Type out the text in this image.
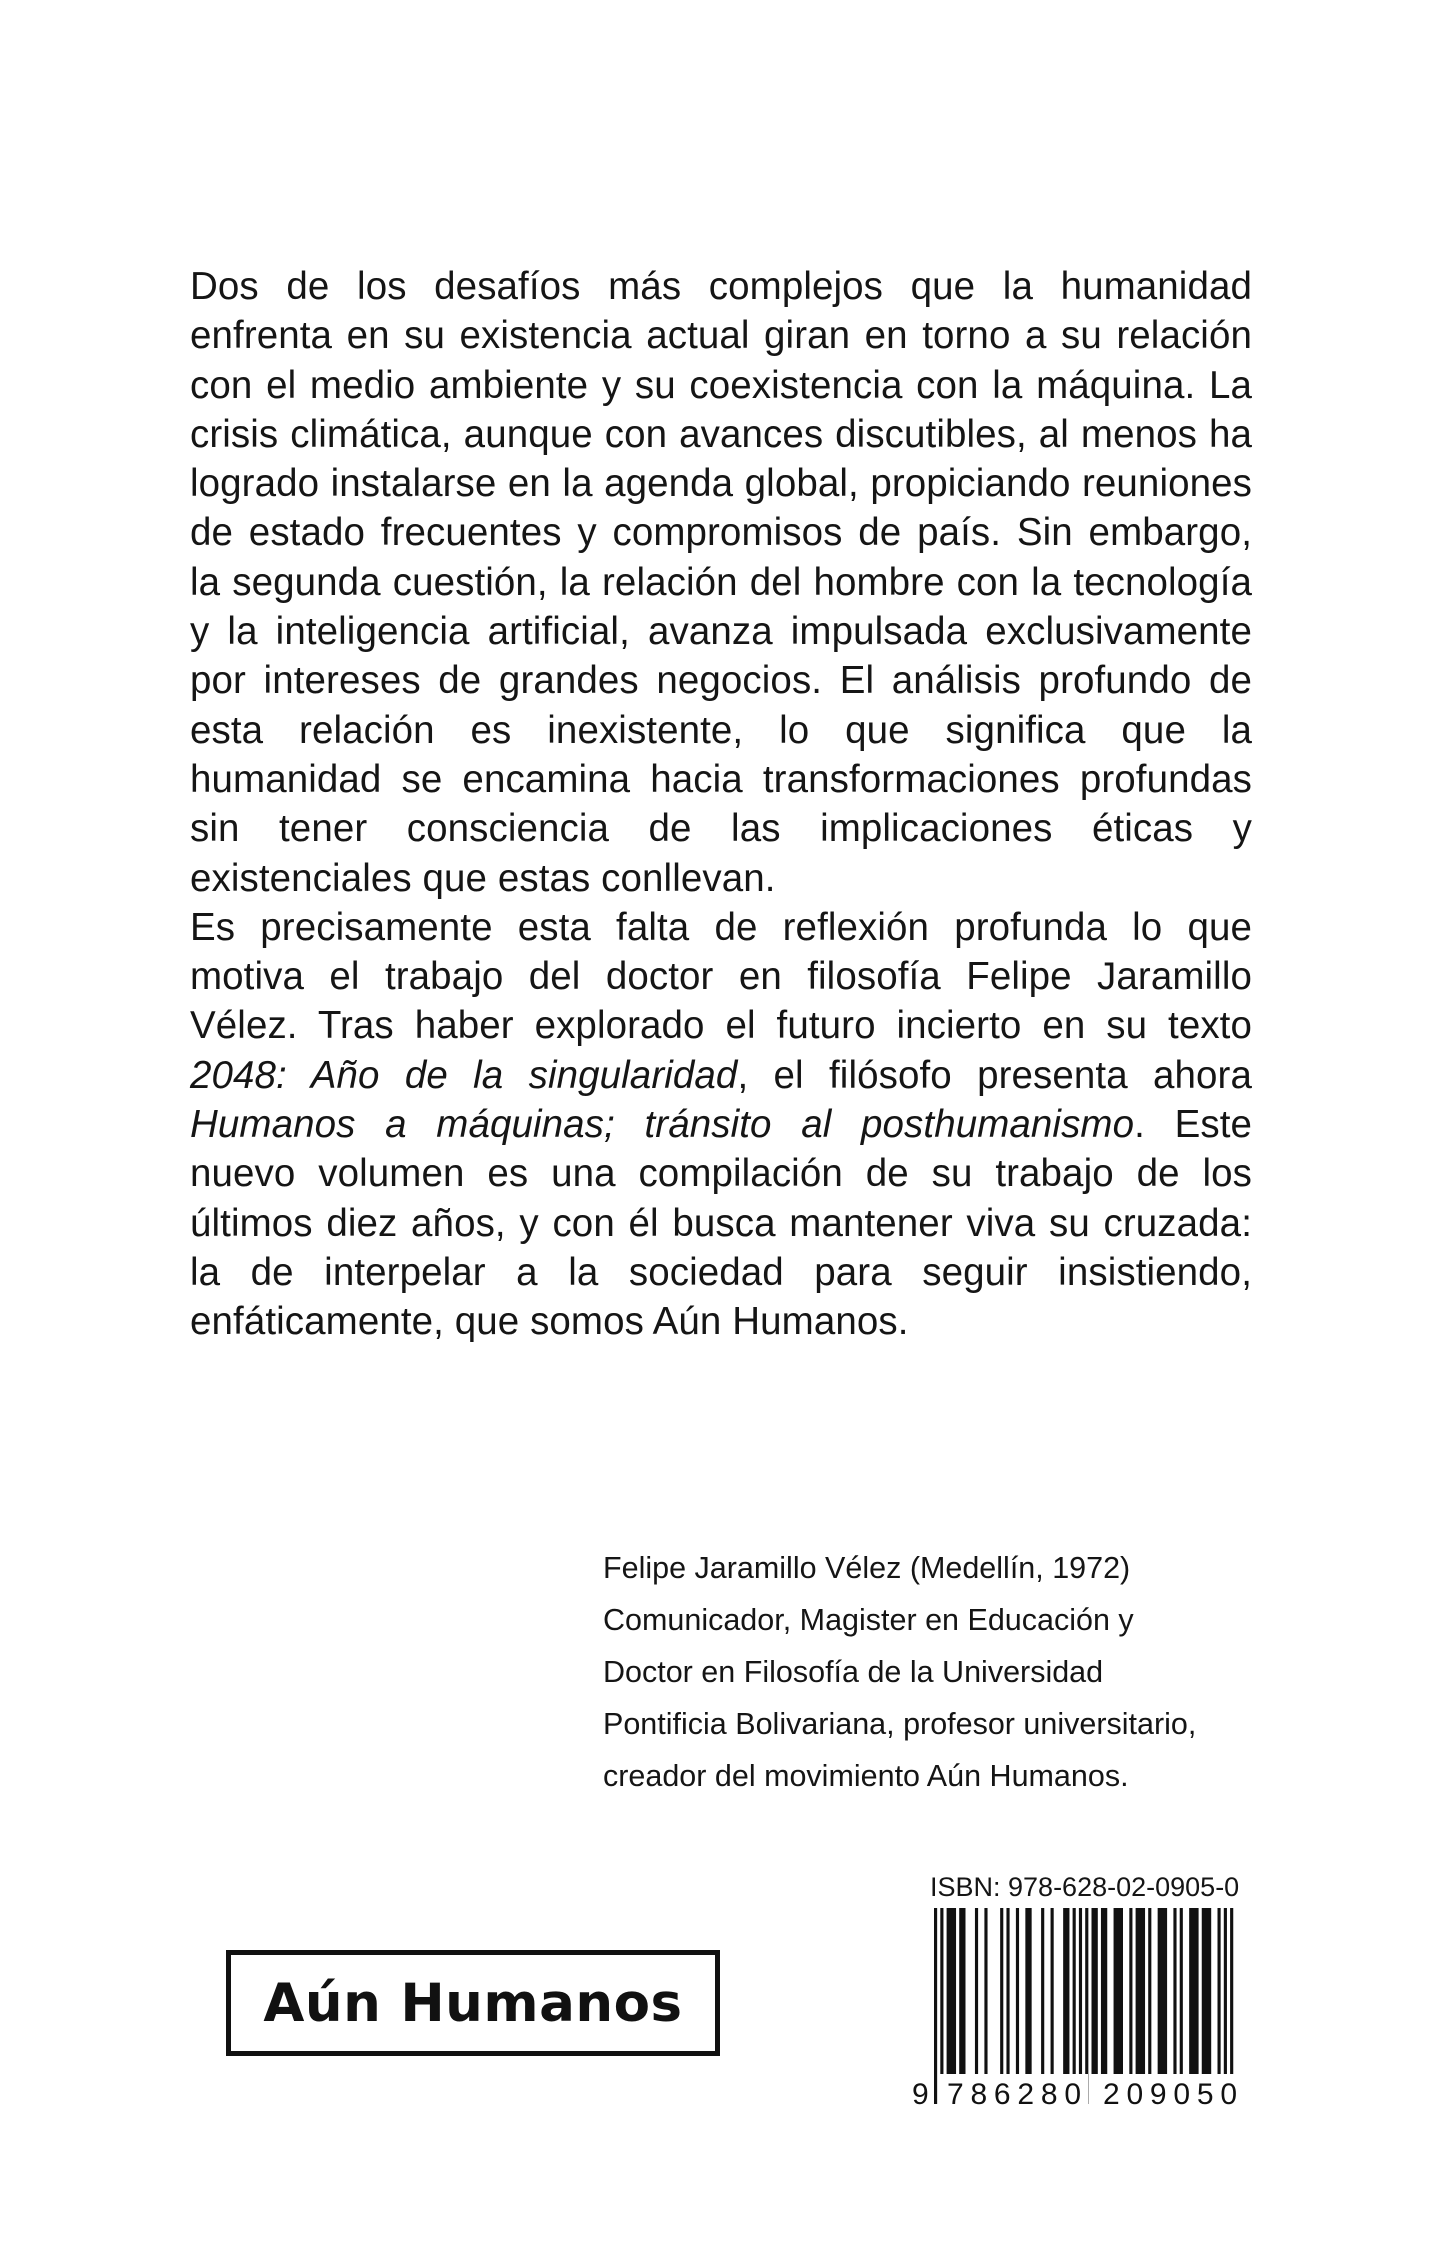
Dos de los desafíos más complejos que la humanidad enfrenta en su existencia actual giran en torno a su relación con el medio ambiente y su coexistencia con la máquina. La crisis climática, aunque con avances discutibles, al menos ha logrado instalarse en la agenda global, propiciando reuniones de estado frecuentes y compromisos de país. Sin embargo, la segunda cuestión, la relación del hombre con la tecnología y la inteligencia artificial, avanza impulsada exclusivamente por intereses de grandes negocios. El análisis profundo de esta relación es inexistente, lo que significa que la humanidad se encamina hacia transformaciones profundas sin tener consciencia de las implicaciones éticas y existenciales que estas conllevan.

Es precisamente esta falta de reflexión profunda lo que motiva el trabajo del doctor en filosofía Felipe Jaramillo Vélez. Tras haber explorado el futuro incierto en su texto 2048: Año de la singularidad, el filósofo presenta ahora Humanos a máquinas; tránsito al posthumanismo. Este nuevo volumen es una compilación de su trabajo de los últimos diez años, y con él busca mantener viva su cruzada: la de interpelar a la sociedad para seguir insistiendo, enfáticamente, que somos Aún Humanos.

Felipe Jaramillo Vélez (Medellín, 1972)
Comunicador, Magister en Educación y
Doctor en Filosofía de la Universidad
Pontificia Bolivariana, profesor universitario,
creador del movimiento Aún Humanos.
Aún Humanos
ISBN: 978-628-02-0905-0
9 786280 209050
